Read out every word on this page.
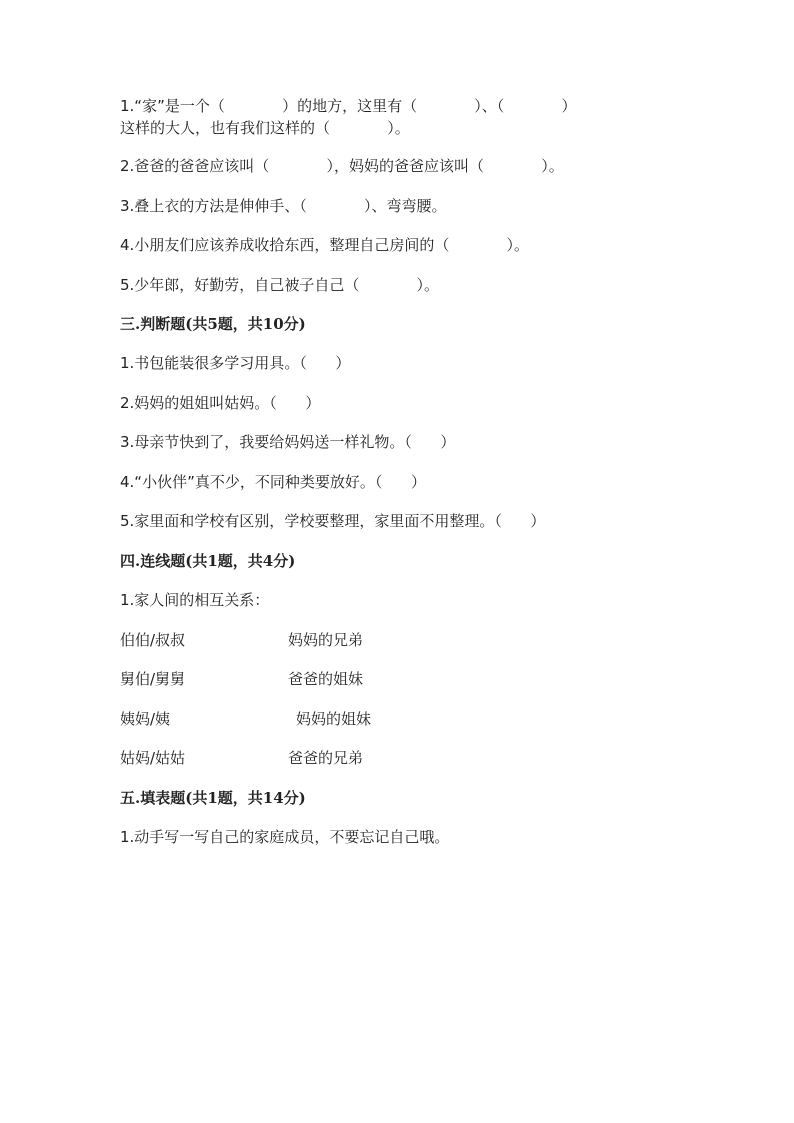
1.“家”是一个（            ）的地方，这里有（            ）、（            ）
这样的大人，也有我们这样的（            ）。
2.爸爸的爸爸应该叫（            ），妈妈的爸爸应该叫（            ）。
3.叠上衣的方法是伸伸手、（            ）、弯弯腰。
4.小朋友们应该养成收拾东西，整理自己房间的（            ）。
5.少年郎，好勤劳，自己被子自己（            ）。
三.判断题(共5题，共10分)
1.书包能装很多学习用具。（      ）
2.妈妈的姐姐叫姑妈。（      ）
3.母亲节快到了，我要给妈妈送一样礼物。（      ）
4.“小伙伴”真不少，不同种类要放好。（      ）
5.家里面和学校有区别，学校要整理，家里面不用整理。（      ）
四.连线题(共1题，共4分)
1.家人间的相互关系：
伯伯/叔叔	妈妈的兄弟
舅伯/舅舅	爸爸的姐妹
姨妈/姨	妈妈的姐妹
姑妈/姑姑	爸爸的兄弟
五.填表题(共1题，共14分)
1.动手写一写自己的家庭成员，不要忘记自己哦。
